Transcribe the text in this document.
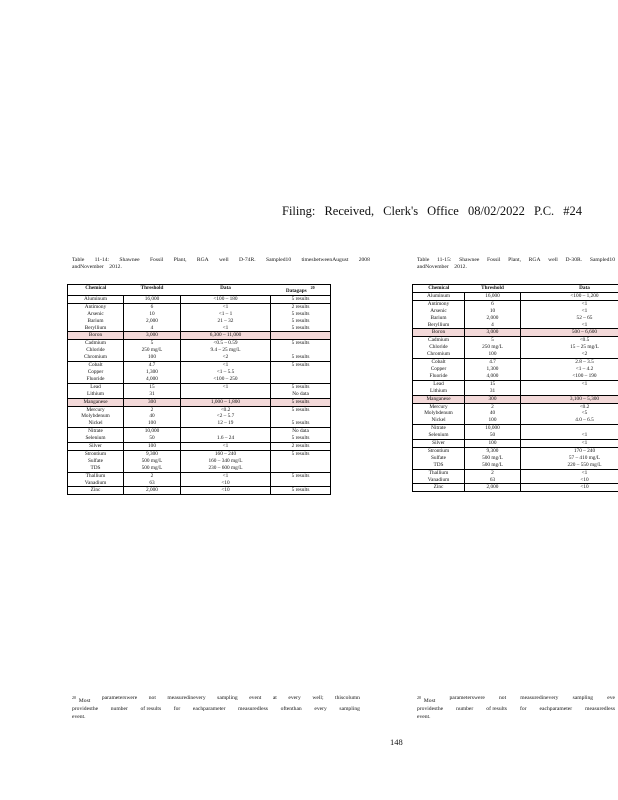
Filing: Received, Clerk's Office 08/02/2022 P.C. #24
Table 11-14: Shawnee Fossil Plant, RGA well D-74R. Sampled10 timesbetweenAugust 2008
andNovember    2012.
Chemical	Threshold	Data	Datagaps$^{20}$
Aluminum	16,000	<100 – 180	5 results
Antimony	6	<1	2 results
Arsenic	10	<1 – 1	5 results
Barium	2,000	21 – 32	5 results
Beryllium	4	<1	5 results
Boron	3,000	6,300 – 11,000	
Cadmium	5	<0.5 – 0.59	5 results
Chloride	250 mg/L	9.4 – 25 mg/L	
Chromium	100	<2	5 results
Cobalt	4.7	<1	5 results
Copper	1,300	<1 – 5.5	
Fluoride	4,000	<100 – 250	
Lead	15	<1	5 results
Lithium	31		No data
Manganese	300	1,000 – 1,800	5 results
Mercury	2	<0.2	5 results
Molybdenum	40	<2 – 5.7	
Nickel	100	12 – 19	5 results
Nitrate	10,000		No data
Selenium	50	1.6 – 24	5 results
Silver	100	<1	2 results
Strontium	9,300	160 – 240	5 results
Sulfate	500 mg/L	160 – 340 mg/L	
TDS	500 mg/L	230 – 600 mg/L	
Thallium	2	<1	5 results
Vanadium	63	<10	
Zinc	2,000	<10	5 results
Chemical	Threshold	Data
Aluminum	16,000	<100 – 1,200
Antimony	6	<1
Arsenic	10	<1
Barium	2,000	52 – 65
Beryllium	4	<1
Boron	3,000	500 – 6,600
Cadmium	5	<0.5
Chloride	250 mg/L	15 – 25 mg/L
Chromium	100	<2
Cobalt	4.7	2.8 – 3.5
Copper	1,300	<1 – 4.2
Fluoride	4,000	<100 – 190
Lead	15	<1
Lithium	31	
Manganese	300	3,100 – 5,300
Mercury	2	<0.2
Molybdenum	40	<5
Nickel	100	4.0 – 6.5
Nitrate	10,000	
Selenium	50	<1
Silver	100	<1
Strontium	9,300	170 – 240
Sulfate	500 mg/L	57 – 410 mg/L
TDS	500 mg/L	220 – 550 mg/L
Thallium	2	<1
Vanadium	63	<10
Zinc	2,000	<10
Table 11-15: Shawnee Fossil Plant, RGA well D-30R. Sampled10
andNovember    2012.
$^{20}$  Most parameterswere not measuredinevery sampling event at every well; thiscolumn
providesthe number of results for eachparameter measuredless oftenthan every sampling
event.
$^{20}$  Most	parameterswere	not	measuredinevery	sampling	eve
providesthe number of results for eachparameter measuredless
event.
148
